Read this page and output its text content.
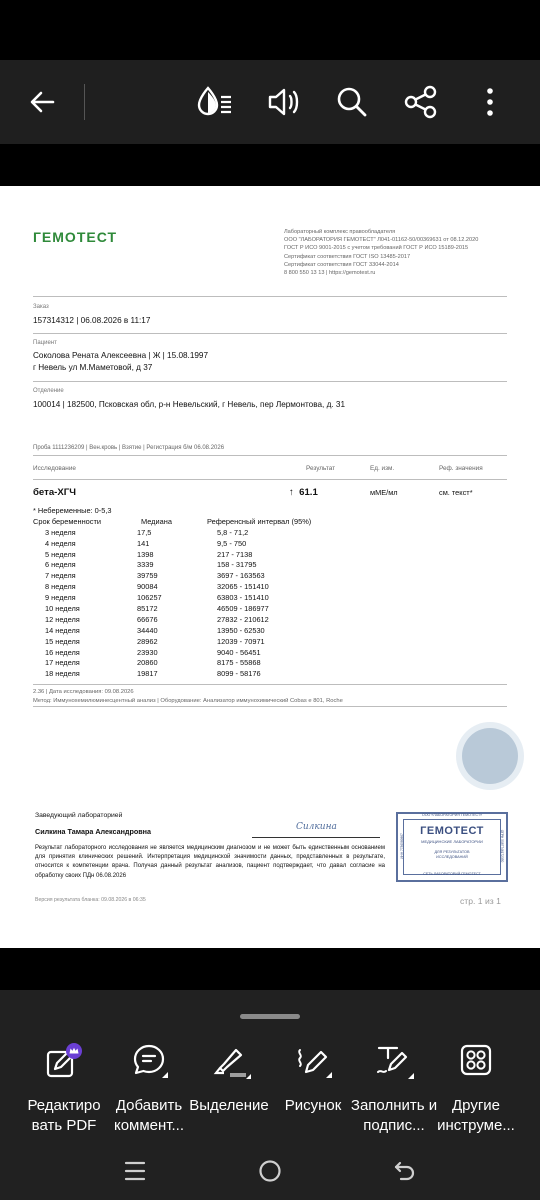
ГЕМОТЕСТ	Лабораторный комплекс правообладателя
ООО "ЛАБОРАТОРИЯ ГЕМОТЕСТ" Л041-01162-50/00369631 от 08.12.2020
ГОСТ Р ИСО 9001-2015 с учетом требований ГОСТ Р ИСО 15189-2015
Сертификат соответствия ГОСТ ISO 13485-2017
Сертификат соответствия ГОСТ 33044-2014
8 800 550 13 13 | https://gemotest.ru
Заказ
157314312 | 06.08.2026 в 11:17
Пациент
Соколова Рената Алексеевна | Ж | 15.08.1997
г Невель ул М.Маметовой, д 37
Отделение
100014 | 182500, Псковская обл, р-н Невельский, г Невель, пер Лермонтова, д. 31
Проба 1111236209 | Вен.кровь | Взятие | Регистрация б/м 06.08.2026
Исследование	Результат	Ед. изм.	Реф. значения
бета-ХГЧ	↑ 61.1	мМЕ/мл	см. текст*
* Небеременные: 0-5,3
Срок беременности	Медиана	Референсный интервал (95%)
3 неделя	17,5	5,8 - 71,2
4 неделя	141	9,5 - 750
5 неделя	1398	217 - 7138
6 неделя	3339	158 - 31795
7 неделя	39759	3697 - 163563
8 неделя	90084	32065 - 151410
9 неделя	106257	63803 - 151410
10 неделя	85172	46509 - 186977
12 неделя	66676	27832 - 210612
14 неделя	34440	13950 - 62530
15 неделя	28962	12039 - 70971
16 неделя	23930	9040 - 56451
17 неделя	20860	8175 - 55868
18 неделя	19817	8099 - 58176
2.36 | Дата исследования: 09.08.2026
Метод: Иммунохемилюминесцентный анализ | Оборудование: Анализатор иммунохимический Cobas e 801, Roche
Заведующий лабораторией
Силкина Тамара Александровна	Силкина
Результат лабораторного исследования не является медицинским диагнозом и не может быть единственным основанием для принятия клинических решений. Интерпретация медицинской значимости данных, представленных в результате, относится к компетенции врача. Получая данный результат анализов, пациент подтверждает, что давал согласие на обработку своих ПДн 06.08.2026
Версия результата бланка: 09.08.2026 в 06:35	стр. 1 из 1
ООО «ЛАБОРАТОРИЯ ГЕМОТЕСТ»
ГЕМОТЕСТ
МЕДИЦИНСКИЕ ЛАБОРАТОРИИ
ДЛЯ РЕЗУЛЬТАТОВ ИССЛЕДОВАНИЙ
СЕТЬ ЛАБОРАТОРИЙ ГЕМОТЕСТ
ИНН 7736589867	ОГРН 5087746172350
Редактиро вать PDF
Добавить коммент...
Выделение	Рисунок Заполнить и подпис...
Другие инструме...
